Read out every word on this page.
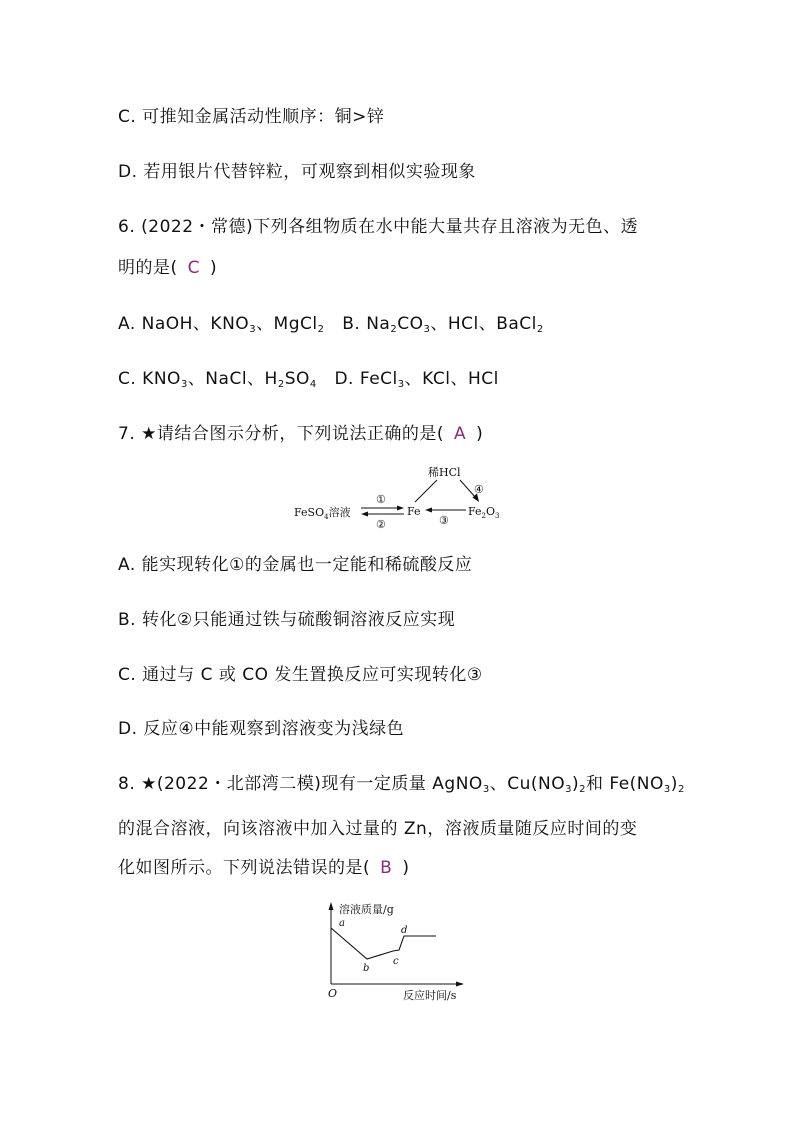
C. 可推知金属活动性顺序：铜>锌

D. 若用银片代替锌粒，可观察到相似实验现象

6. (2022・常德)下列各组物质在水中能大量共存且溶液为无色、透

明的是( C )

A. NaOH、$KNO_3$、MgCl$_2$ B. $Na_2CO_3$、HCl、BaCl$_2$

C. $KNO_3$、NaCl、$H_2SO_4$ D. FeCl$_3$、KCl、HCl

7. ★请结合图示分析，下列说法正确的是( A )

FeSO$_4$溶液
①
②
Fe
稀HCl
④
③
$Fe_2O_3$

A. 能实现转化①的金属也一定能和稀硫酸反应

B. 转化②只能通过铁与硫酸铜溶液反应实现

C. 通过与 C 或 CO 发生置换反应可实现转化③

D. 反应④中能观察到溶液变为浅绿色

8. ★(2022・北部湾二模)现有一定质量 AgNO$_3$、$Cu(NO_3)_2$和 $Fe(NO_3)_2$

的混合溶液，向该溶液中加入过量的 Zn，溶液质量随反应时间的变

化如图所示。下列说法错误的是( B )

溶液质量/g
反应时间/s
O
a
b
c
d
